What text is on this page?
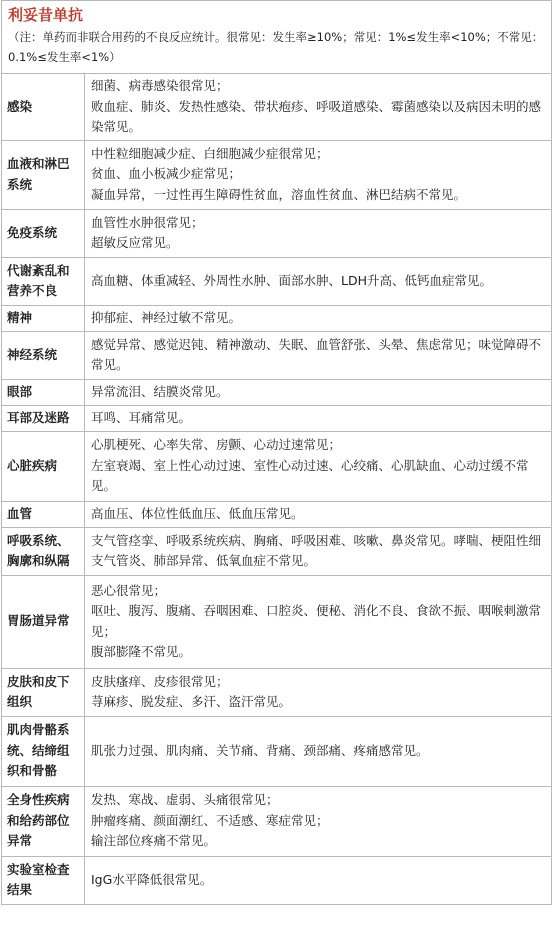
利妥昔单抗
（注：单药而非联合用药的不良反应统计。很常见：发生率≥10%；常见：1%≤发生率<10%；不常见：0.1%≤发生率<1%）
感染	细菌、病毒感染很常见；
败血症、肺炎、发热性感染、带状疱疹、呼吸道感染、霉菌感染以及病因未明的感染常见。

血液和淋巴系统	中性粒细胞减少症、白细胞减少症很常见；
贫血、血小板减少症常见；
凝血异常，一过性再生障碍性贫血，溶血性贫血、淋巴结病不常见。

免疫系统	血管性水肿很常见；
超敏反应常见。

代谢紊乱和营养不良	高血糖、体重减轻、外周性水肿、面部水肿、LDH升高、低钙血症常见。

精神	抑郁症、神经过敏不常见。

神经系统	感觉异常、感觉迟钝、精神激动、失眠、血管舒张、头晕、焦虑常见；味觉障碍不常见。

眼部	异常流泪、结膜炎常见。

耳部及迷路	耳鸣、耳痛常见。

心脏疾病	心肌梗死、心率失常、房颤、心动过速常见；
左室衰竭、室上性心动过速、室性心动过速、心绞痛、心肌缺血、心动过缓不常见。

血管	高血压、体位性低血压、低血压常见。

呼吸系统、胸廓和纵隔	支气管痉挛、呼吸系统疾病、胸痛、呼吸困难、咳嗽、鼻炎常见。哮喘、梗阻性细支气管炎、肺部异常、低氧血症不常见。

胃肠道异常	恶心很常见；
呕吐、腹泻、腹痛、吞咽困难、口腔炎、便秘、消化不良、食欲不振、咽喉刺激常见；
腹部膨隆不常见。

皮肤和皮下组织	皮肤瘙痒、皮疹很常见；
荨麻疹、脱发症、多汗、盗汗常见。

肌肉骨骼系统、结缔组织和骨骼	肌张力过强、肌肉痛、关节痛、背痛、颈部痛、疼痛感常见。

全身性疾病和给药部位异常	发热、寒战、虚弱、头痛很常见；
肿瘤疼痛、颜面潮红、不适感、寒症常见；
输注部位疼痛不常见。

实验室检查结果	IgG水平降低很常见。
